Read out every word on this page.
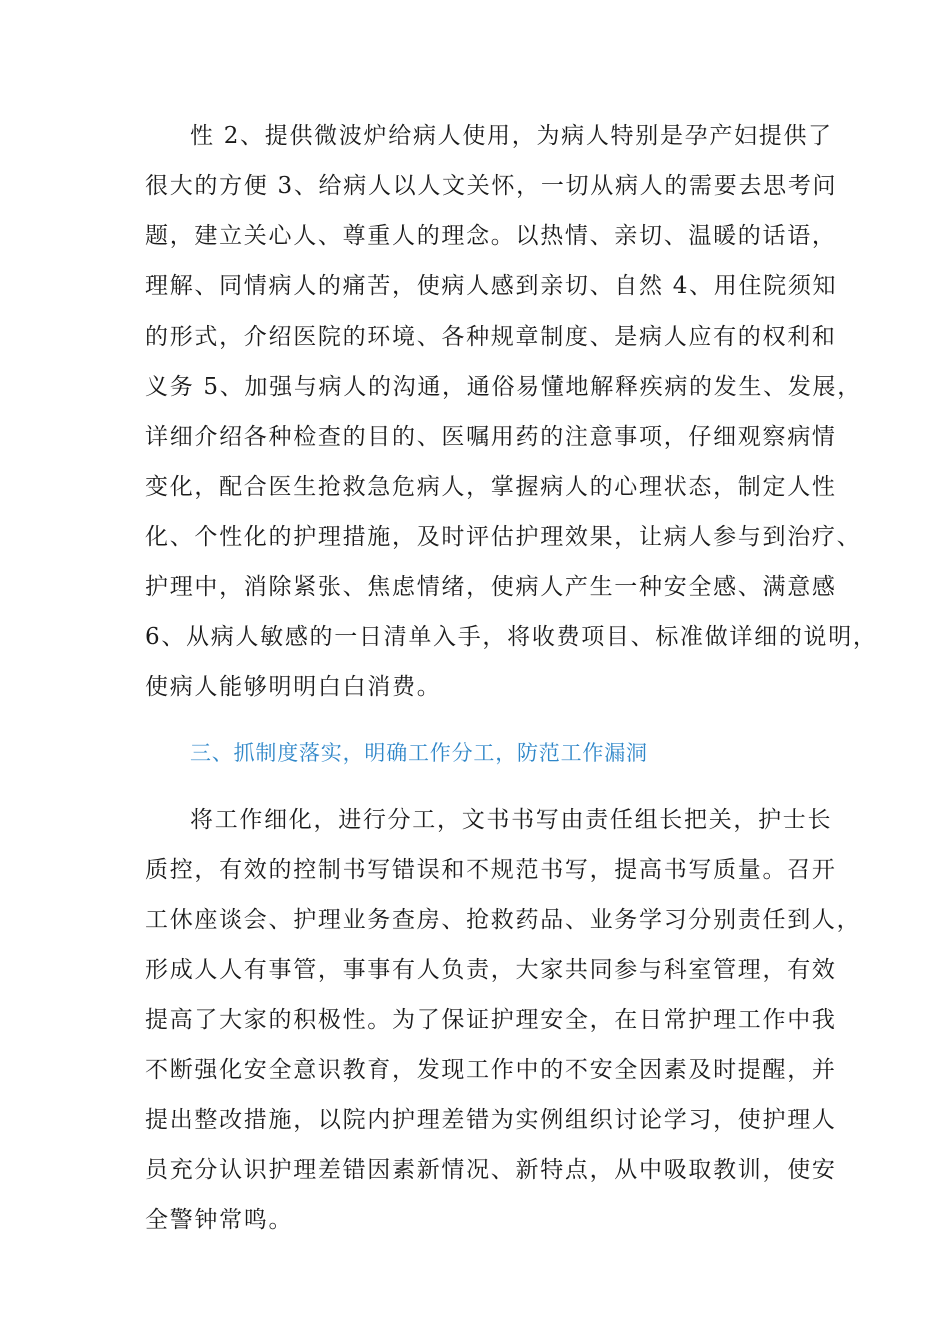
性 2、提供微波炉给病人使用，为病人特别是孕产妇提供了
很大的方便 3、给病人以人文关怀，一切从病人的需要去思考问
题，建立关心人、尊重人的理念。以热情、亲切、温暖的话语，
理解、同情病人的痛苦，使病人感到亲切、自然 4、用住院须知
的形式，介绍医院的环境、各种规章制度、是病人应有的权利和
义务 5、加强与病人的沟通，通俗易懂地解释疾病的发生、发展，
详细介绍各种检查的目的、医嘱用药的注意事项，仔细观察病情
变化，配合医生抢救急危病人，掌握病人的心理状态，制定人性
化、个性化的护理措施，及时评估护理效果，让病人参与到治疗、
护理中，消除紧张、焦虑情绪，使病人产生一种安全感、满意感
6、从病人敏感的一日清单入手，将收费项目、标准做详细的说明，
使病人能够明明白白消费。
三、抓制度落实，明确工作分工，防范工作漏洞
将工作细化，进行分工，文书书写由责任组长把关，护士长
质控，有效的控制书写错误和不规范书写，提高书写质量。召开
工休座谈会、护理业务查房、抢救药品、业务学习分别责任到人，
形成人人有事管，事事有人负责，大家共同参与科室管理，有效
提高了大家的积极性。为了保证护理安全，在日常护理工作中我
不断强化安全意识教育，发现工作中的不安全因素及时提醒，并
提出整改措施，以院内护理差错为实例组织讨论学习，使护理人
员充分认识护理差错因素新情况、新特点，从中吸取教训，使安
全警钟常鸣。
